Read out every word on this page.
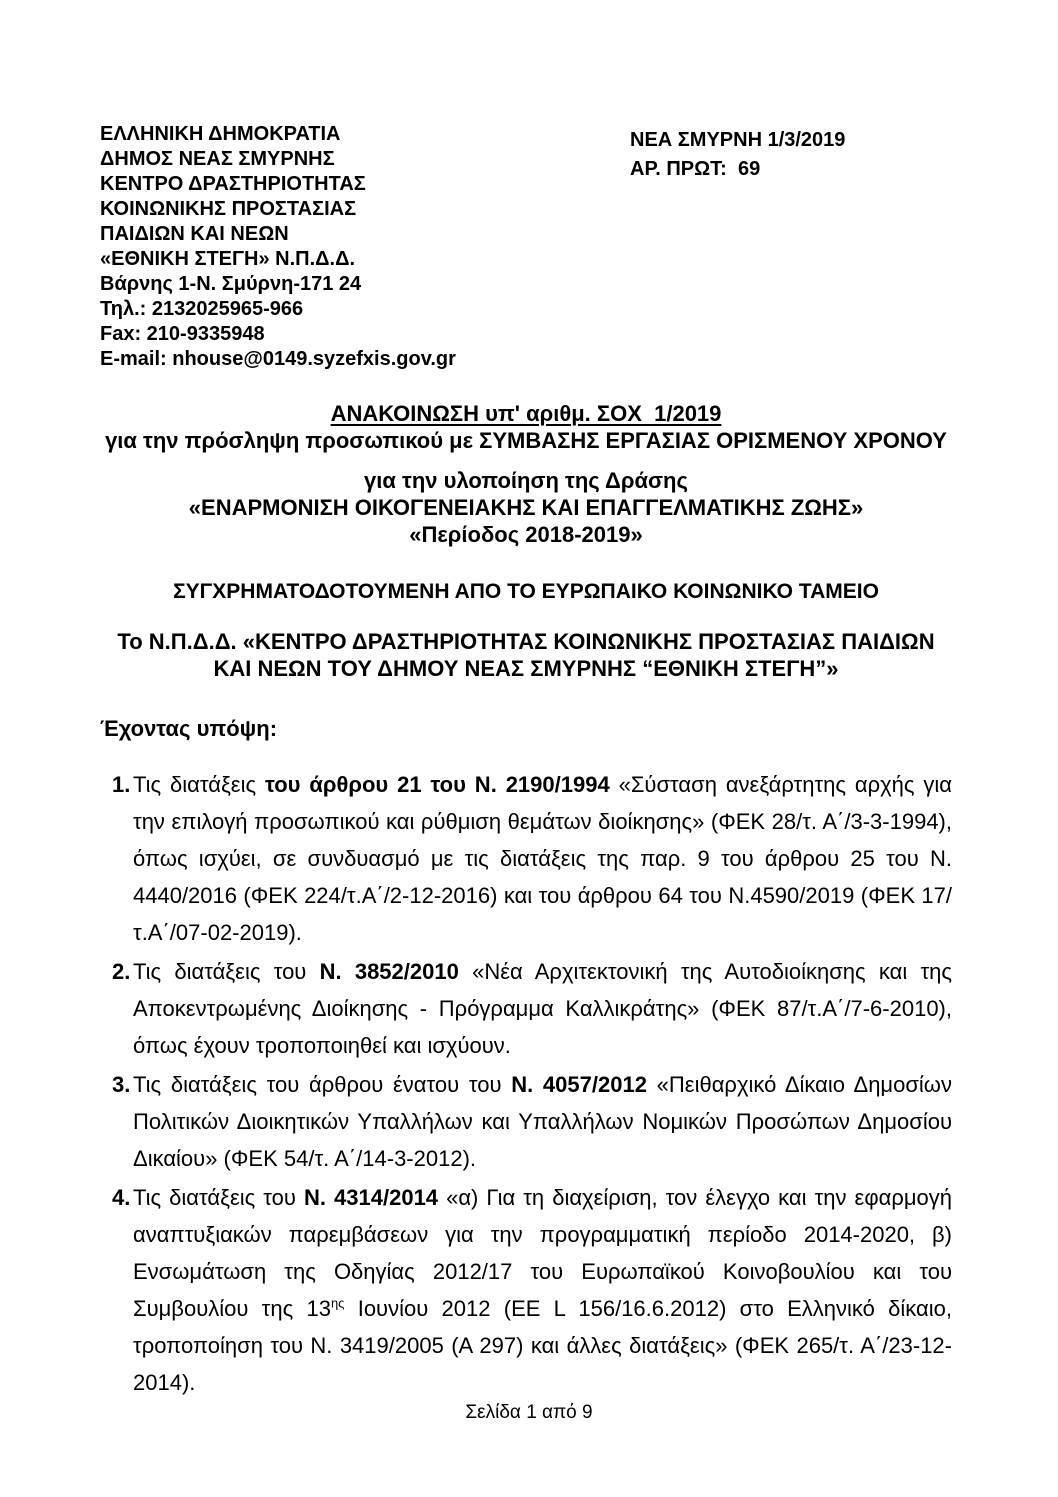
ΕΛΛΗΝΙΚΗ ΔΗΜΟΚΡΑΤΙΑ
ΔΗΜΟΣ ΝΕΑΣ ΣΜΥΡΝΗΣ
ΚΕΝΤΡΟ ΔΡΑΣΤΗΡΙΟΤΗΤΑΣ
ΚΟΙΝΩΝΙΚΗΣ ΠΡΟΣΤΑΣΙΑΣ
ΠΑΙΔΙΩΝ ΚΑΙ ΝΕΩΝ
«ΕΘΝΙΚΗ ΣΤΕΓΗ» Ν.Π.Δ.Δ.
Βάρνης 1-Ν. Σμύρνη-171 24
Τηλ.: 2132025965-966
Fax: 210-9335948
E-mail: nhouse@0149.syzefxis.gov.gr
ΝΕΑ ΣΜΥΡΝΗ 1/3/2019
ΑΡ. ΠΡΩΤ:  69
ΑΝΑΚΟΙΝΩΣΗ υπ' αριθμ. ΣΟΧ  1/2019
για την πρόσληψη προσωπικού με ΣΥΜΒΑΣΗΣ ΕΡΓΑΣΙΑΣ ΟΡΙΣΜΕΝΟΥ ΧΡΟΝΟΥ
για την υλοποίηση της Δράσης
«ΕΝΑΡΜΟΝΙΣΗ ΟΙΚΟΓΕΝΕΙΑΚΗΣ ΚΑΙ ΕΠΑΓΓΕΛΜΑΤΙΚΗΣ ΖΩΗΣ»
«Περίοδος 2018-2019»
ΣΥΓΧΡΗΜΑΤΟΔΟΤΟΥΜΕΝΗ ΑΠΟ ΤΟ ΕΥΡΩΠΑΙΚΟ ΚΟΙΝΩΝΙΚΟ ΤΑΜΕΙΟ
Το Ν.Π.Δ.Δ. «ΚΕΝΤΡΟ ΔΡΑΣΤΗΡΙΟΤΗΤΑΣ ΚΟΙΝΩΝΙΚΗΣ ΠΡΟΣΤΑΣΙΑΣ ΠΑΙΔΙΩΝ ΚΑΙ ΝΕΩΝ ΤΟΥ ΔΗΜΟΥ ΝΕΑΣ ΣΜΥΡΝΗΣ “ΕΘΝΙΚΗ ΣΤΕΓΗ”»
Έχοντας υπόψη:
1. Τις διατάξεις του άρθρου 21 του Ν. 2190/1994 «Σύσταση ανεξάρτητης αρχής για την επιλογή προσωπικού και ρύθμιση θεμάτων διοίκησης» (ΦΕΚ 28/τ. Α΄/3-3-1994), όπως ισχύει, σε συνδυασμό με τις διατάξεις της παρ. 9 του άρθρου 25 του Ν. 4440/2016 (ΦΕΚ 224/τ.Α΄/2-12-2016) και του άρθρου 64 του Ν.4590/2019 (ΦΕΚ 17/τ.Α΄/07-02-2019).
2. Τις διατάξεις του Ν. 3852/2010 «Νέα Αρχιτεκτονική της Αυτοδιοίκησης και της Αποκεντρωμένης Διοίκησης - Πρόγραμμα Καλλικράτης» (ΦΕΚ 87/τ.Α΄/7-6-2010), όπως έχουν τροποποιηθεί και ισχύουν.
3. Τις διατάξεις του άρθρου ένατου του Ν. 4057/2012 «Πειθαρχικό Δίκαιο Δημοσίων Πολιτικών Διοικητικών Υπαλλήλων και Υπαλλήλων Νομικών Προσώπων Δημοσίου Δικαίου» (ΦΕΚ 54/τ. Α΄/14-3-2012).
4. Τις διατάξεις του Ν. 4314/2014 «α) Για τη διαχείριση, τον έλεγχο και την εφαρμογή αναπτυξιακών παρεμβάσεων για την προγραμματική περίοδο 2014-2020, β) Ενσωμάτωση της Οδηγίας 2012/17 του Ευρωπαϊκού Κοινοβουλίου και του Συμβουλίου της $13^{\eta\varsigma}$ Ιουνίου 2012 (ΕΕ L 156/16.6.2012) στο Ελληνικό δίκαιο, τροποποίηση του Ν. 3419/2005 (Α 297) και άλλες διατάξεις» (ΦΕΚ 265/τ. Α΄/23-12-2014).
Σελίδα 1 από 9
